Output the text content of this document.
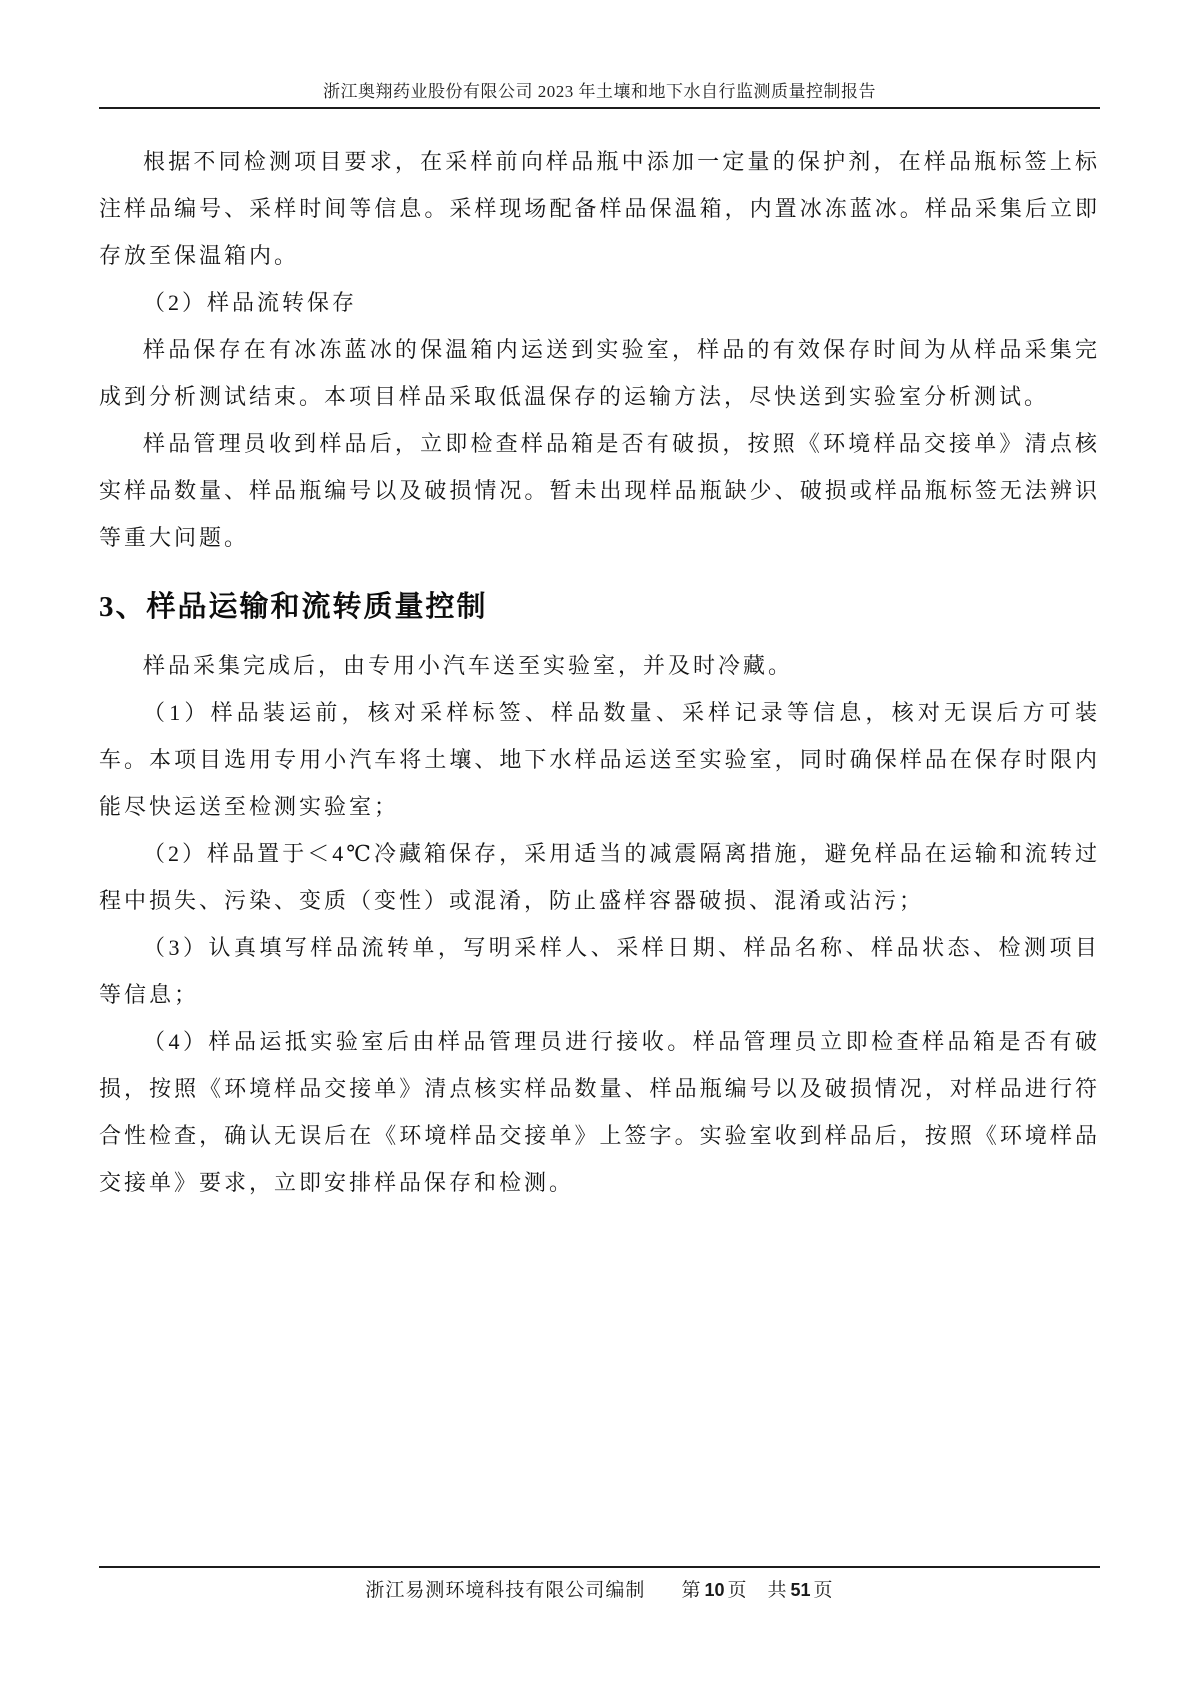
浙江奥翔药业股份有限公司 2023 年土壤和地下水自行监测质量控制报告

根据不同检测项目要求，在采样前向样品瓶中添加一定量的保护剂，在样品瓶标签上标注样品编号、采样时间等信息。采样现场配备样品保温箱，内置冰冻蓝冰。样品采集后立即存放至保温箱内。

（2）样品流转保存

样品保存在有冰冻蓝冰的保温箱内运送到实验室，样品的有效保存时间为从样品采集完成到分析测试结束。本项目样品采取低温保存的运输方法，尽快送到实验室分析测试。

样品管理员收到样品后，立即检查样品箱是否有破损，按照《环境样品交接单》清点核实样品数量、样品瓶编号以及破损情况。暂未出现样品瓶缺少、破损或样品瓶标签无法辨识等重大问题。

3、样品运输和流转质量控制

样品采集完成后，由专用小汽车送至实验室，并及时冷藏。

（1）样品装运前，核对采样标签、样品数量、采样记录等信息，核对无误后方可装车。本项目选用专用小汽车将土壤、地下水样品运送至实验室，同时确保样品在保存时限内能尽快运送至检测实验室；

（2）样品置于＜4℃冷藏箱保存，采用适当的减震隔离措施，避免样品在运输和流转过程中损失、污染、变质（变性）或混淆，防止盛样容器破损、混淆或沾污；

（3）认真填写样品流转单，写明采样人、采样日期、样品名称、样品状态、检测项目等信息；

（4）样品运抵实验室后由样品管理员进行接收。样品管理员立即检查样品箱是否有破损，按照《环境样品交接单》清点核实样品数量、样品瓶编号以及破损情况，对样品进行符合性检查，确认无误后在《环境样品交接单》上签字。实验室收到样品后，按照《环境样品交接单》要求，立即安排样品保存和检测。

浙江易测环境科技有限公司编制 第 10 页 共 51 页
